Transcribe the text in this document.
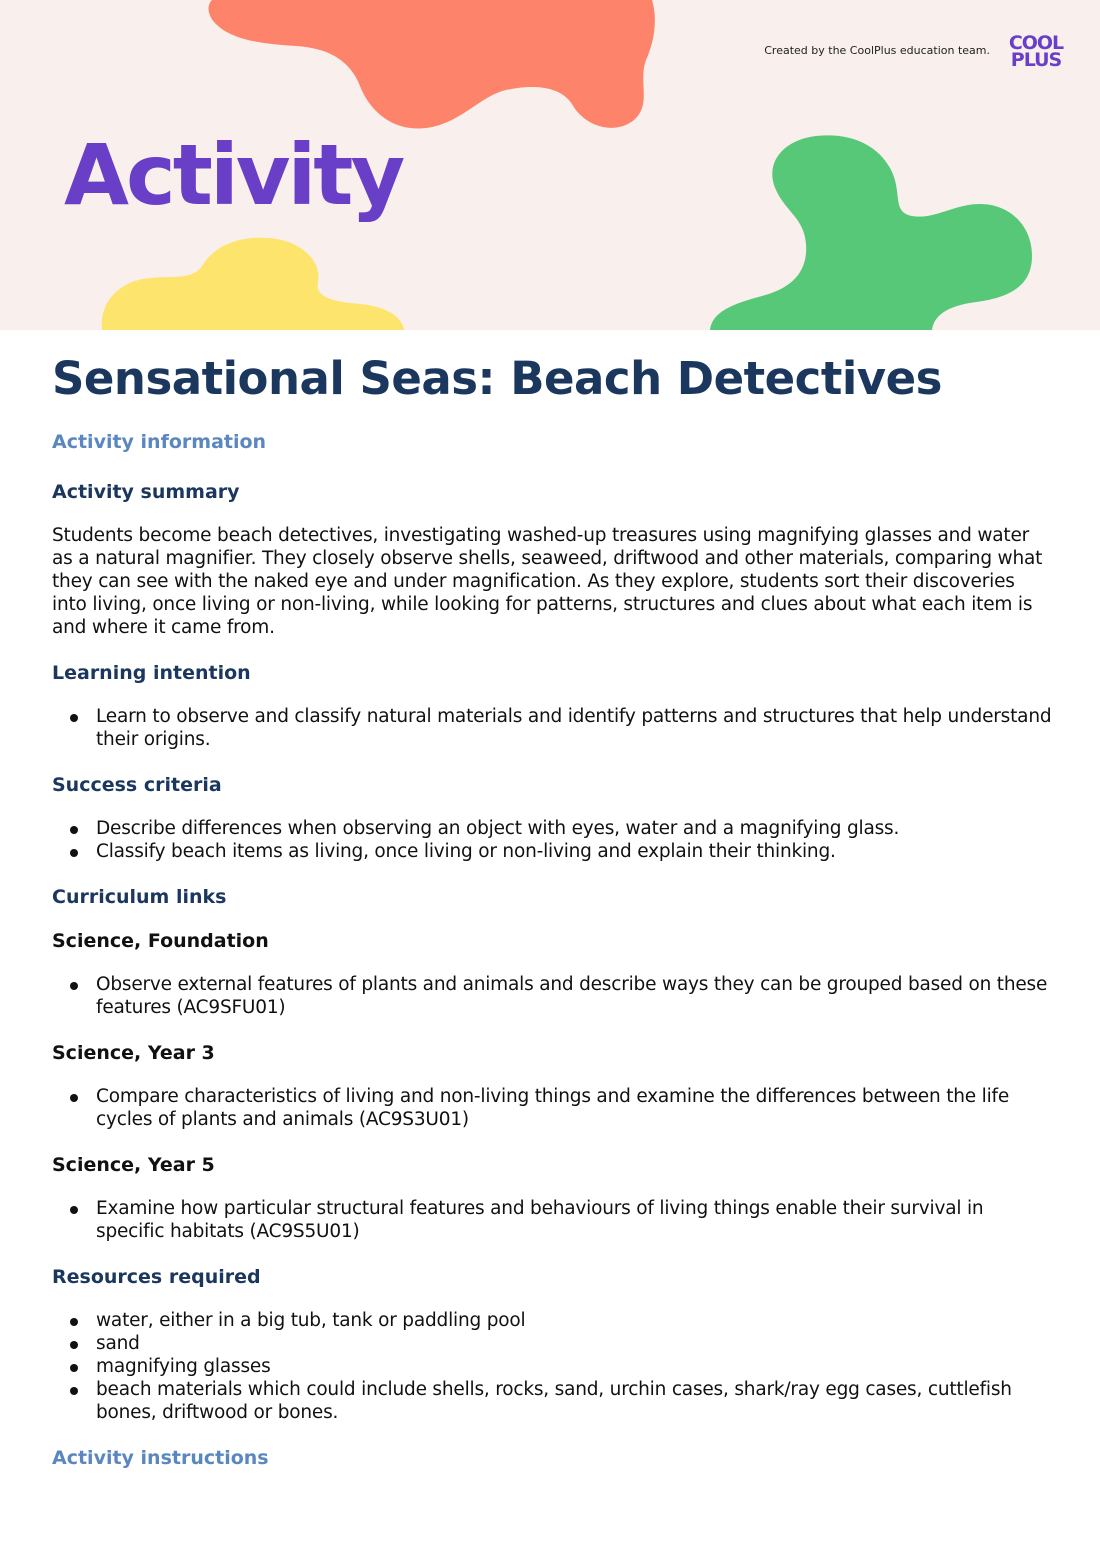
Created by the CoolPlus education team. COOL
PLUS
Activity
Sensational Seas: Beach Detectives
Activity information
Activity summary

Students become beach detectives, investigating washed-up treasures using magnifying glasses and water as a natural magnifier. They closely observe shells, seaweed, driftwood and other materials, comparing what they can see with the naked eye and under magnification. As they explore, students sort their discoveries into living, once living or non-living, while looking for patterns, structures and clues about what each item is and where it came from.

Learning intention
Learn to observe and classify natural materials and identify patterns and structures that help understand their origins.
Success criteria
Describe differences when observing an object with eyes, water and a magnifying glass.
Classify beach items as living, once living or non-living and explain their thinking.
Curriculum links
Science, Foundation
Observe external features of plants and animals and describe ways they can be grouped based on these features (AC9SFU01)
Science, Year 3
Compare characteristics of living and non-living things and examine the differences between the life cycles of plants and animals (AC9S3U01)
Science, Year 5
Examine how particular structural features and behaviours of living things enable their survival in specific habitats (AC9S5U01)
Resources required
water, either in a big tub, tank or paddling pool
sand
magnifying glasses
beach materials which could include shells, rocks, sand, urchin cases, shark/ray egg cases, cuttlefish bones, driftwood or bones.
Activity instructions
